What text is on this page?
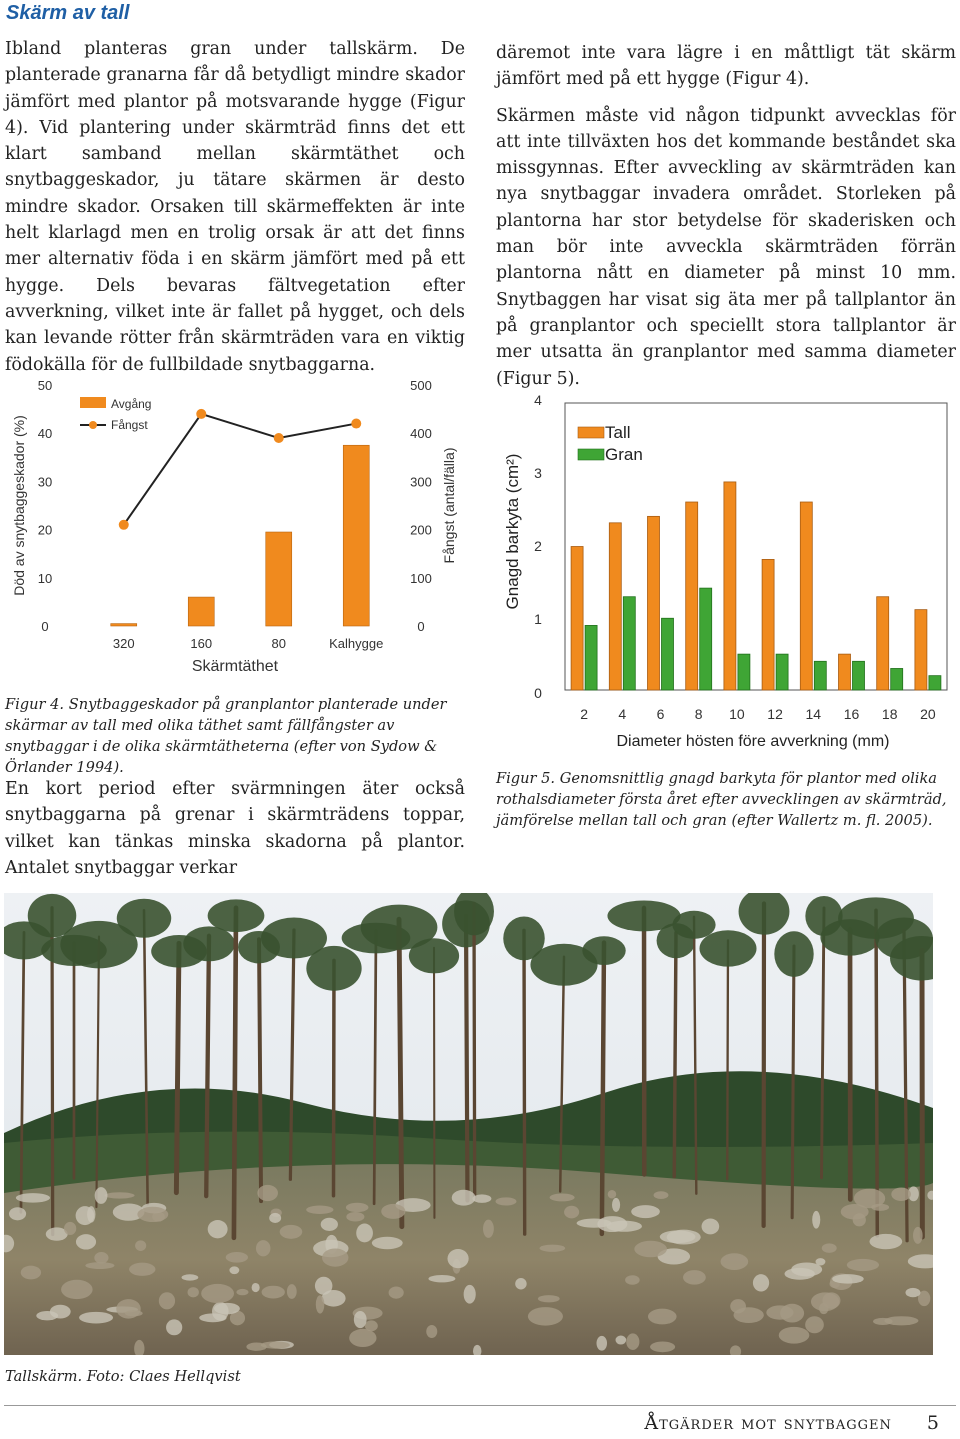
Skärm av tall

Ibland planteras gran under tallskärm. De planterade granarna får då betydligt mindre skador jämfört med plantor på motsvarande hygge (Figur 4). Vid plantering under skärmträd finns det ett klart samband mellan skärmtäthet och snytbaggeskador, ju tätare skärmen är desto mindre skador. Orsaken till skärmeffekten är inte helt klarlagd men en trolig orsak är att det finns mer alternativ föda i en skärm jämfört med på ett hygge. Dels bevaras fältvegetation efter avverkning, vilket inte är fallet på hygget, och dels kan levande rötter från skärmträden vara en viktig födokälla för de fullbildade snytbaggarna.

däremot inte vara lägre i en måttligt tät skärm jämfört med på ett hygge (Figur 4).

Skärmen måste vid någon tidpunkt avvecklas för att inte tillväxten hos det kommande beståndet ska missgynnas. Efter avveckling av skärmträden kan nya snytbaggar invadera området. Storleken på plantorna har stor betydelse för skaderisken och man bör inte avveckla skärmträden förrän plantorna nått en diameter på minst 10 mm. Snytbaggen har visat sig äta mer på tallplantor än på granplantor och speciellt stora tallplantor är mer utsatta än granplantor med samma diameter (Figur 5).

0
10
20
30
40
50
0
100
200
300
400
500
Död av snytbaggeskador (%)	Fångst (antal/fälla)
320	160	80	Kalhygge
Skärmtäthet
Avgång
Fångst
Figur 4. Snytbaggeskador på granplantor planterade under skärmar av tall med olika täthet samt fällfångster av snytbaggar i de olika skärmtätheterna (efter von Sydow & Örlander 1994).

En kort period efter svärmningen äter också snytbaggarna på grenar i skärmträdens toppar, vilket kan tänkas minska skadorna på plantor. Antalet snytbaggar verkar

0
1
2
3
4
Gnagd barkyta (cm²)
2 4 6 8 10 12 14 16 18 20
Diameter hösten före avverkning (mm)
Tall
Gran
Figur 5. Genomsnittlig gnagd barkyta för plantor med olika rothalsdiameter första året efter avvecklingen av skärmträd, jämförelse mellan tall och gran (efter Wallertz m. fl. 2005).
Tallskärm. Foto: Claes Hellqvist
Åtgärder mot snytbaggen 5
